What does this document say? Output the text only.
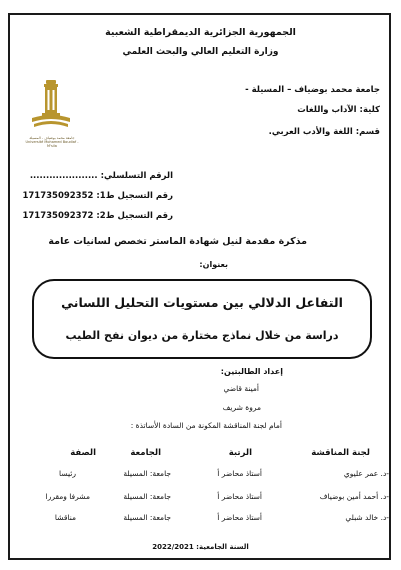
الجمهورية الجزائرية الديمقراطية الشعبية
وزارة التعليم العالي والبحث العلمي
جامعة محمد بوضياف – المسيلة -
كلية: الآداب واللغات
قسم: اللغة والأدب العربي.
جامعة محمد بوضياف - المسيلة
Université Mohamed Boudiaf - M'sila
الرقم التسلسلي: .....................
رقم التسجيل ط1: 171735092352
رقم التسجيل ط2: 171735092372
مذكرة مقدمة لنيل شهادة الماستر تخصص لسانيات عامة
بعنوان:
التفاعل الدلالي بين مستويات التحليل اللساني
دراسة من خلال نماذج مختارة من ديوان نفح الطيب
إعداد الطالبتين:
أمينة قاضي
مروة شريف
أمام لجنة المناقشة المكونة من السادة الأساتذة :
لجنة المناقشة
الرتبة
الجامعة
الصفة
-د. عمر عليوي
أستاذ محاضر أ
جامعة: المسيلة
رئيسا
-د. أحمد أمين بوضياف
أستاذ محاضر أ
جامعة: المسيلة
مشرفا ومقررا
-د. خالد شبلي
أستاذ محاضر أ
جامعة: المسيلة
مناقشا
السنة الجامعية: 2022/2021
